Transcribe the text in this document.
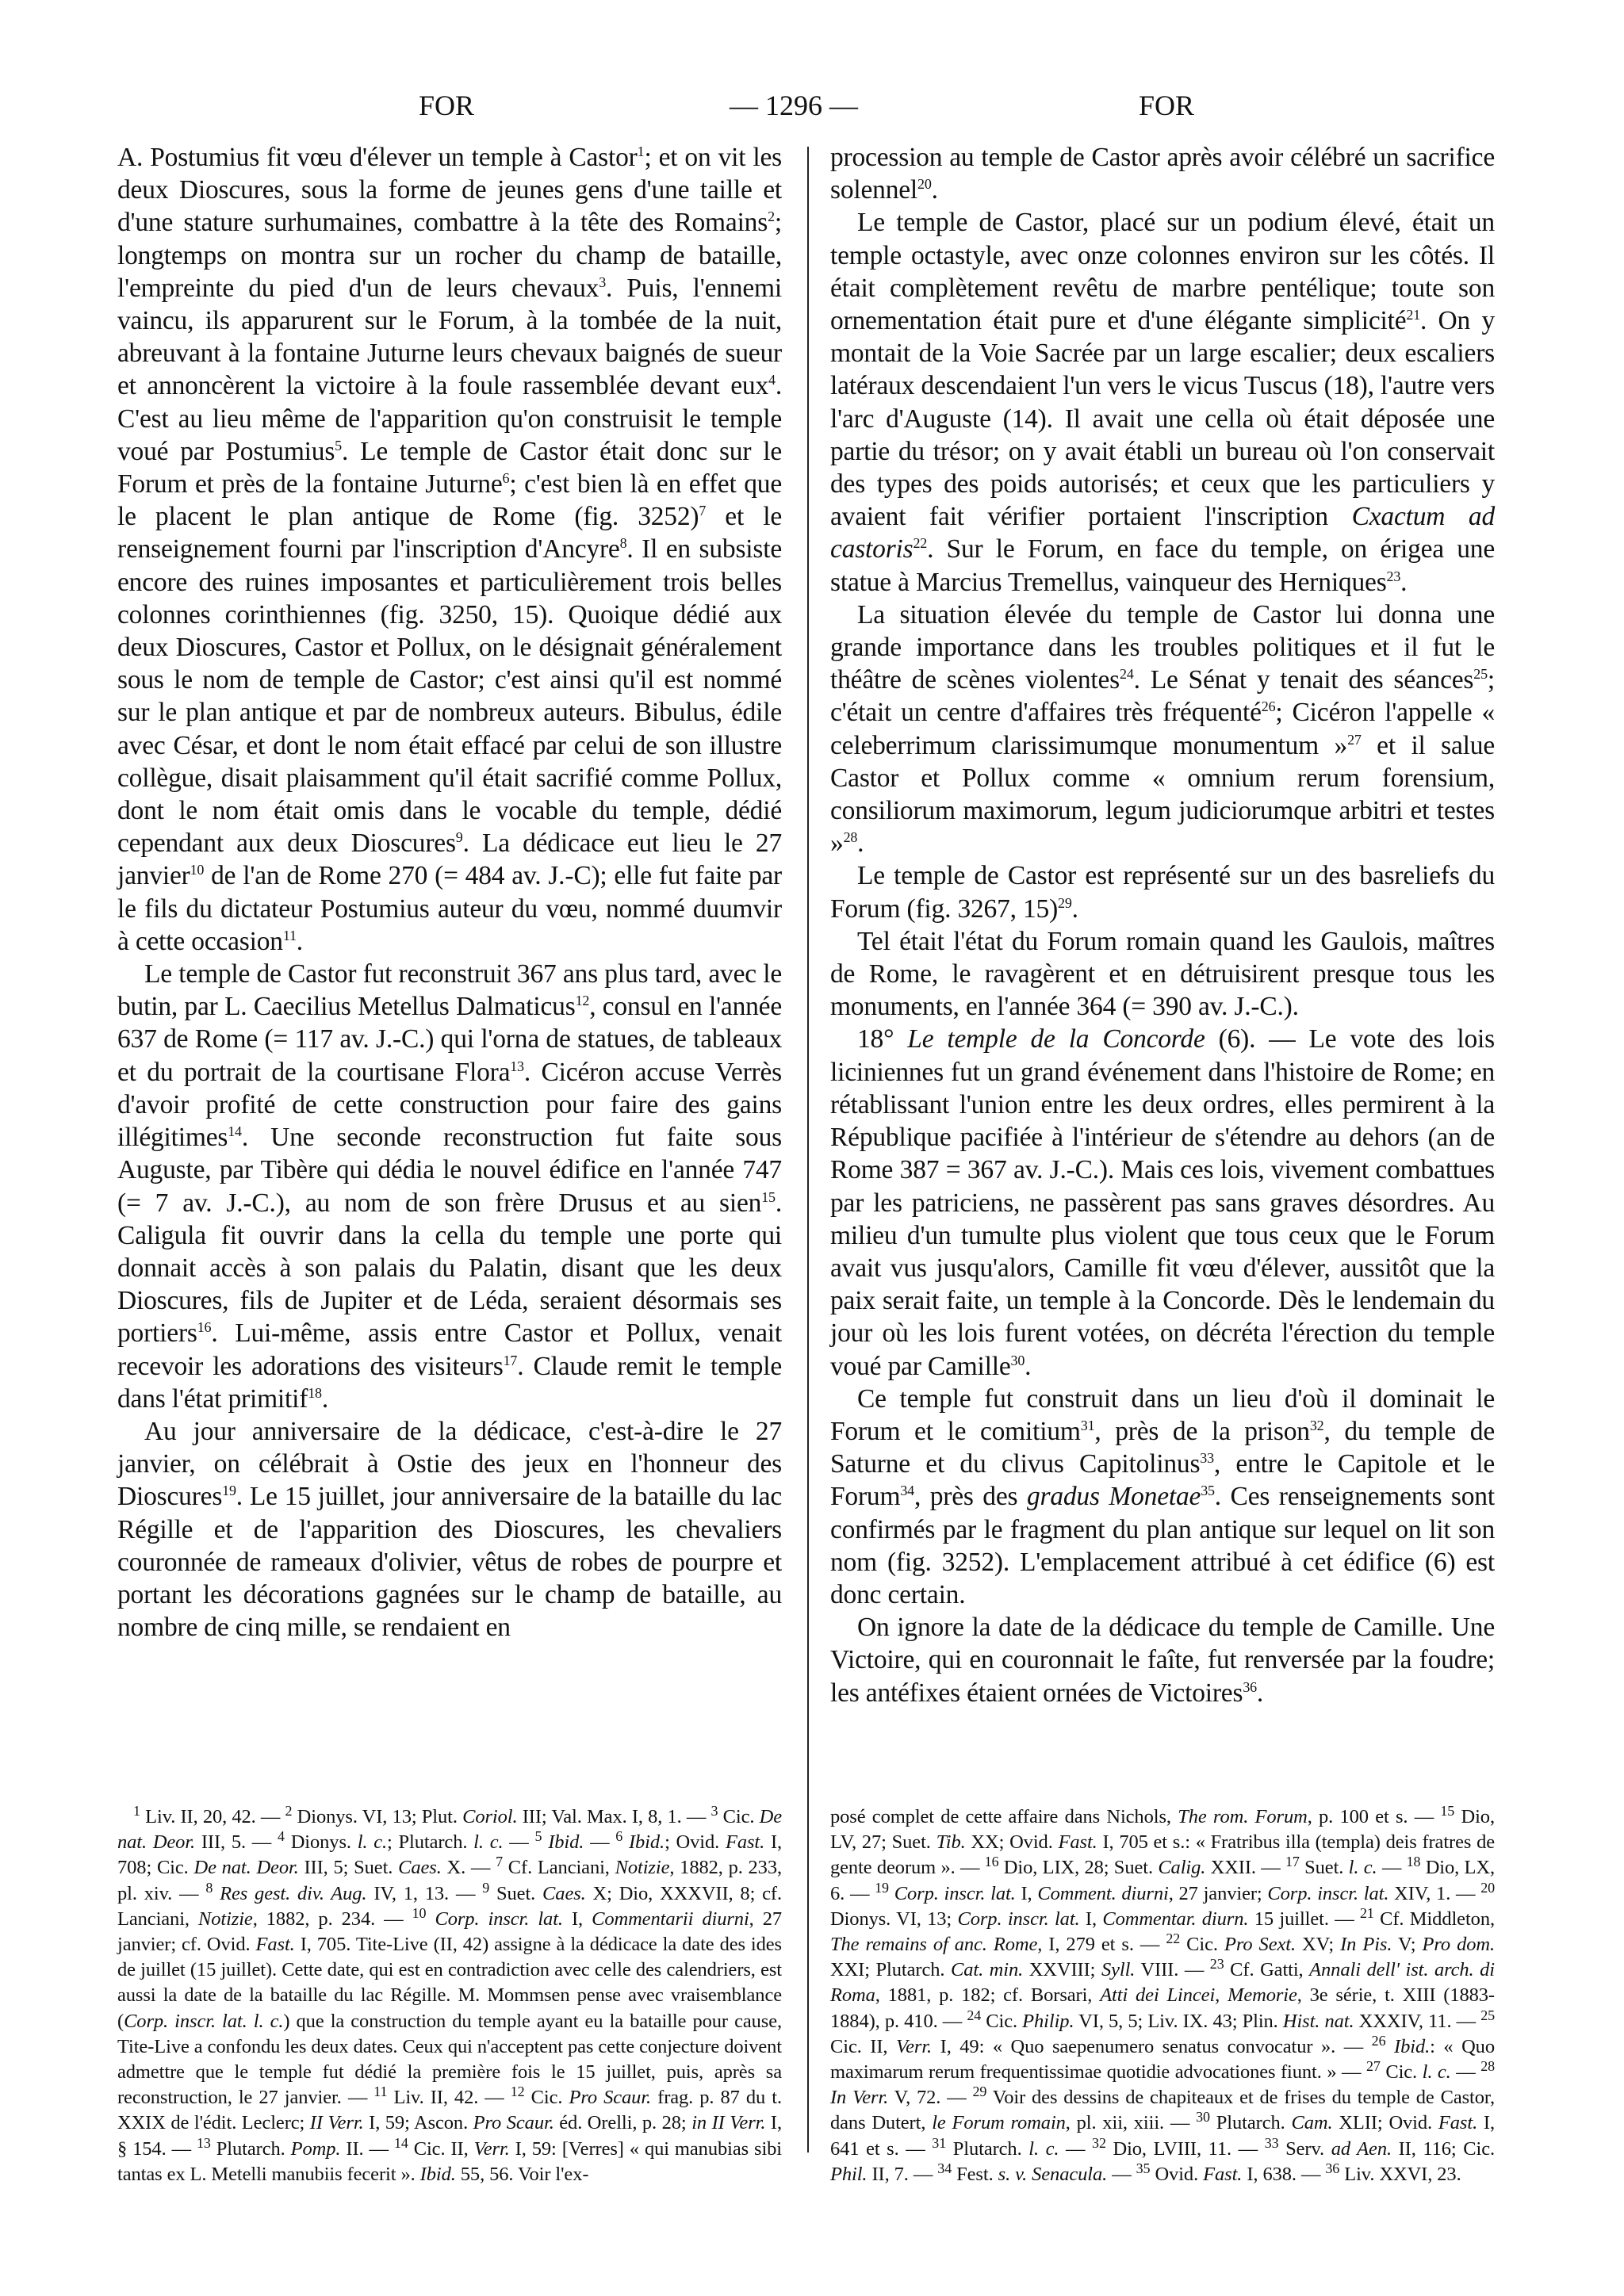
FOR	— 1296 —	FOR

A. Postumius fit vœu d'élever un temple à Castor$^1$; et on vit les deux Dioscures, sous la forme de jeunes gens d'une taille et d'une stature surhumaines, combattre à la tête des Romains$^2$; longtemps on montra sur un rocher du champ de bataille, l'empreinte du pied d'un de leurs chevaux$^3$. Puis, l'ennemi vaincu, ils apparurent sur le Forum, à la tombée de la nuit, abreuvant à la fontaine Juturne leurs chevaux baignés de sueur et annoncèrent la victoire à la foule rassemblée devant eux$^4$. C'est au lieu même de l'apparition qu'on construisit le temple voué par Postumius$^5$. Le temple de Castor était donc sur le Forum et près de la fontaine Juturne$^6$; c'est bien là en effet que le placent le plan antique de Rome (fig. 3252)$^7$ et le renseignement fourni par l'inscription d'Ancyre$^8$. Il en subsiste encore des ruines imposantes et particulièrement trois belles colonnes corinthiennes (fig. 3250, 15). Quoique dédié aux deux Dioscures, Castor et Pollux, on le désignait généralement sous le nom de temple de Castor; c'est ainsi qu'il est nommé sur le plan antique et par de nombreux auteurs. Bibulus, édile avec César, et dont le nom était effacé par celui de son illustre collègue, disait plaisamment qu'il était sacrifié comme Pollux, dont le nom était omis dans le vocable du temple, dédié cependant aux deux Dioscures$^9$. La dédicace eut lieu le 27 janvier$^{10}$ de l'an de Rome 270 (= 484 av. J.-C); elle fut faite par le fils du dictateur Postumius auteur du vœu, nommé duumvir à cette occasion$^{11}$.

Le temple de Castor fut reconstruit 367 ans plus tard, avec le butin, par L. Caecilius Metellus Dalmaticus$^{12}$, consul en l'année 637 de Rome (= 117 av. J.-C.) qui l'orna de statues, de tableaux et du portrait de la courtisane Flora$^{13}$. Cicéron accuse Verrès d'avoir profité de cette construction pour faire des gains illégitimes$^{14}$. Une seconde reconstruction fut faite sous Auguste, par Tibère qui dédia le nouvel édifice en l'année 747 (= 7 av. J.-C.), au nom de son frère Drusus et au sien$^{15}$. Caligula fit ouvrir dans la cella du temple une porte qui donnait accès à son palais du Palatin, disant que les deux Dioscures, fils de Jupiter et de Léda, seraient désormais ses portiers$^{16}$. Lui-même, assis entre Castor et Pollux, venait recevoir les adorations des visiteurs$^{17}$. Claude remit le temple dans l'état primitif$^{18}$.

Au jour anniversaire de la dédicace, c'est-à-dire le 27 janvier, on célébrait à Ostie des jeux en l'honneur des Dioscures$^{19}$. Le 15 juillet, jour anniversaire de la bataille du lac Régille et de l'apparition des Dioscures, les chevaliers couronnée de rameaux d'olivier, vêtus de robes de pourpre et portant les décorations gagnées sur le champ de bataille, au nombre de cinq mille, se rendaient en

procession au temple de Castor après avoir célébré un sacrifice solennel$^{20}$.

Le temple de Castor, placé sur un podium élevé, était un temple octastyle, avec onze colonnes environ sur les côtés. Il était complètement revêtu de marbre pentélique; toute son ornementation était pure et d'une élégante simplicité$^{21}$. On y montait de la Voie Sacrée par un large escalier; deux escaliers latéraux descendaient l'un vers le vicus Tuscus (18), l'autre vers l'arc d'Auguste (14). Il avait une cella où était déposée une partie du trésor; on y avait établi un bureau où l'on conservait des types des poids autorisés; et ceux que les particuliers y avaient fait vérifier portaient l'inscription Cxactum ad castoris$^{22}$. Sur le Forum, en face du temple, on érigea une statue à Marcius Tremellus, vainqueur des Herniques$^{23}$.

La situation élevée du temple de Castor lui donna une grande importance dans les troubles politiques et il fut le théâtre de scènes violentes$^{24}$. Le Sénat y tenait des séances$^{25}$; c'était un centre d'affaires très fréquenté$^{26}$; Cicéron l'appelle « celeberrimum clarissimumque monumentum »$^{27}$ et il salue Castor et Pollux comme « omnium rerum forensium, consiliorum maximorum, legum judiciorumque arbitri et testes »$^{28}$.

Le temple de Castor est représenté sur un des basreliefs du Forum (fig. 3267, 15)$^{29}$.

Tel était l'état du Forum romain quand les Gaulois, maîtres de Rome, le ravagèrent et en détruisirent presque tous les monuments, en l'année 364 (= 390 av. J.-C.).

18° Le temple de la Concorde (6). — Le vote des lois liciniennes fut un grand événement dans l'histoire de Rome; en rétablissant l'union entre les deux ordres, elles permirent à la République pacifiée à l'intérieur de s'étendre au dehors (an de Rome 387 = 367 av. J.-C.). Mais ces lois, vivement combattues par les patriciens, ne passèrent pas sans graves désordres. Au milieu d'un tumulte plus violent que tous ceux que le Forum avait vus jusqu'alors, Camille fit vœu d'élever, aussitôt que la paix serait faite, un temple à la Concorde. Dès le lendemain du jour où les lois furent votées, on décréta l'érection du temple voué par Camille$^{30}$.

Ce temple fut construit dans un lieu d'où il dominait le Forum et le comitium$^{31}$, près de la prison$^{32}$, du temple de Saturne et du clivus Capitolinus$^{33}$, entre le Capitole et le Forum$^{34}$, près des gradus Monetae$^{35}$. Ces renseignements sont confirmés par le fragment du plan antique sur lequel on lit son nom (fig. 3252). L'emplacement attribué à cet édifice (6) est donc certain.

On ignore la date de la dédicace du temple de Camille. Une Victoire, qui en couronnait le faîte, fut renversée par la foudre; les antéfixes étaient ornées de Victoires$^{36}$.

$^1$ Liv. II, 20, 42. — $^2$ Dionys. VI, 13; Plut. Coriol. III; Val. Max. I, 8, 1. — $^3$ Cic. De nat. Deor. III, 5. — $^4$ Dionys. l. c.; Plutarch. l. c. — $^5$ Ibid. — $^6$ Ibid.; Ovid. Fast. I, 708; Cic. De nat. Deor. III, 5; Suet. Caes. X. — $^7$ Cf. Lanciani, Notizie, 1882, p. 233, pl. xiv. — $^8$ Res gest. div. Aug. IV, 1, 13. — $^9$ Suet. Caes. X; Dio, XXXVII, 8; cf. Lanciani, Notizie, 1882, p. 234. — $^{10}$ Corp. inscr. lat. I, Commentarii diurni, 27 janvier; cf. Ovid. Fast. I, 705. Tite-Live (II, 42) assigne à la dédicace la date des ides de juillet (15 juillet). Cette date, qui est en contradiction avec celle des calendriers, est aussi la date de la bataille du lac Régille. M. Mommsen pense avec vraisemblance (Corp. inscr. lat. l. c.) que la construction du temple ayant eu la bataille pour cause, Tite-Live a confondu les deux dates. Ceux qui n'acceptent pas cette conjecture doivent admettre que le temple fut dédié la première fois le 15 juillet, puis, après sa reconstruction, le 27 janvier. — $^{11}$ Liv. II, 42. — $^{12}$ Cic. Pro Scaur. frag. p. 87 du t. XXIX de l'édit. Leclerc; II Verr. I, 59; Ascon. Pro Scaur. éd. Orelli, p. 28; in II Verr. I, § 154. — $^{13}$ Plutarch. Pomp. II. — $^{14}$ Cic. II, Verr. I, 59: [Verres] « qui manubias sibi tantas ex L. Metelli manubiis fecerit ». Ibid. 55, 56. Voir l'ex-

posé complet de cette affaire dans Nichols, The rom. Forum, p. 100 et s. — $^{15}$ Dio, LV, 27; Suet. Tib. XX; Ovid. Fast. I, 705 et s.: « Fratribus illa (templa) deis fratres de gente deorum ». — $^{16}$ Dio, LIX, 28; Suet. Calig. XXII. — $^{17}$ Suet. l. c. — $^{18}$ Dio, LX, 6. — $^{19}$ Corp. inscr. lat. I, Comment. diurni, 27 janvier; Corp. inscr. lat. XIV, 1. — $^{20}$ Dionys. VI, 13; Corp. inscr. lat. I, Commentar. diurn. 15 juillet. — $^{21}$ Cf. Middleton, The remains of anc. Rome, I, 279 et s. — $^{22}$ Cic. Pro Sext. XV; In Pis. V; Pro dom. XXI; Plutarch. Cat. min. XXVIII; Syll. VIII. — $^{23}$ Cf. Gatti, Annali dell' ist. arch. di Roma, 1881, p. 182; cf. Borsari, Atti dei Lincei, Memorie, 3e série, t. XIII (1883-1884), p. 410. — $^{24}$ Cic. Philip. VI, 5, 5; Liv. IX. 43; Plin. Hist. nat. XXXIV, 11. — $^{25}$ Cic. II, Verr. I, 49: « Quo saepenumero senatus convocatur ». — $^{26}$ Ibid.: « Quo maximarum rerum frequentissimae quotidie advocationes fiunt. » — $^{27}$ Cic. l. c. — $^{28}$ In Verr. V, 72. — $^{29}$ Voir des dessins de chapiteaux et de frises du temple de Castor, dans Dutert, le Forum romain, pl. xii, xiii. — $^{30}$ Plutarch. Cam. XLII; Ovid. Fast. I, 641 et s. — $^{31}$ Plutarch. l. c. — $^{32}$ Dio, LVIII, 11. — $^{33}$ Serv. ad Aen. II, 116; Cic. Phil. II, 7. — $^{34}$ Fest. s. v. Senacula. — $^{35}$ Ovid. Fast. I, 638. — $^{36}$ Liv. XXVI, 23.
